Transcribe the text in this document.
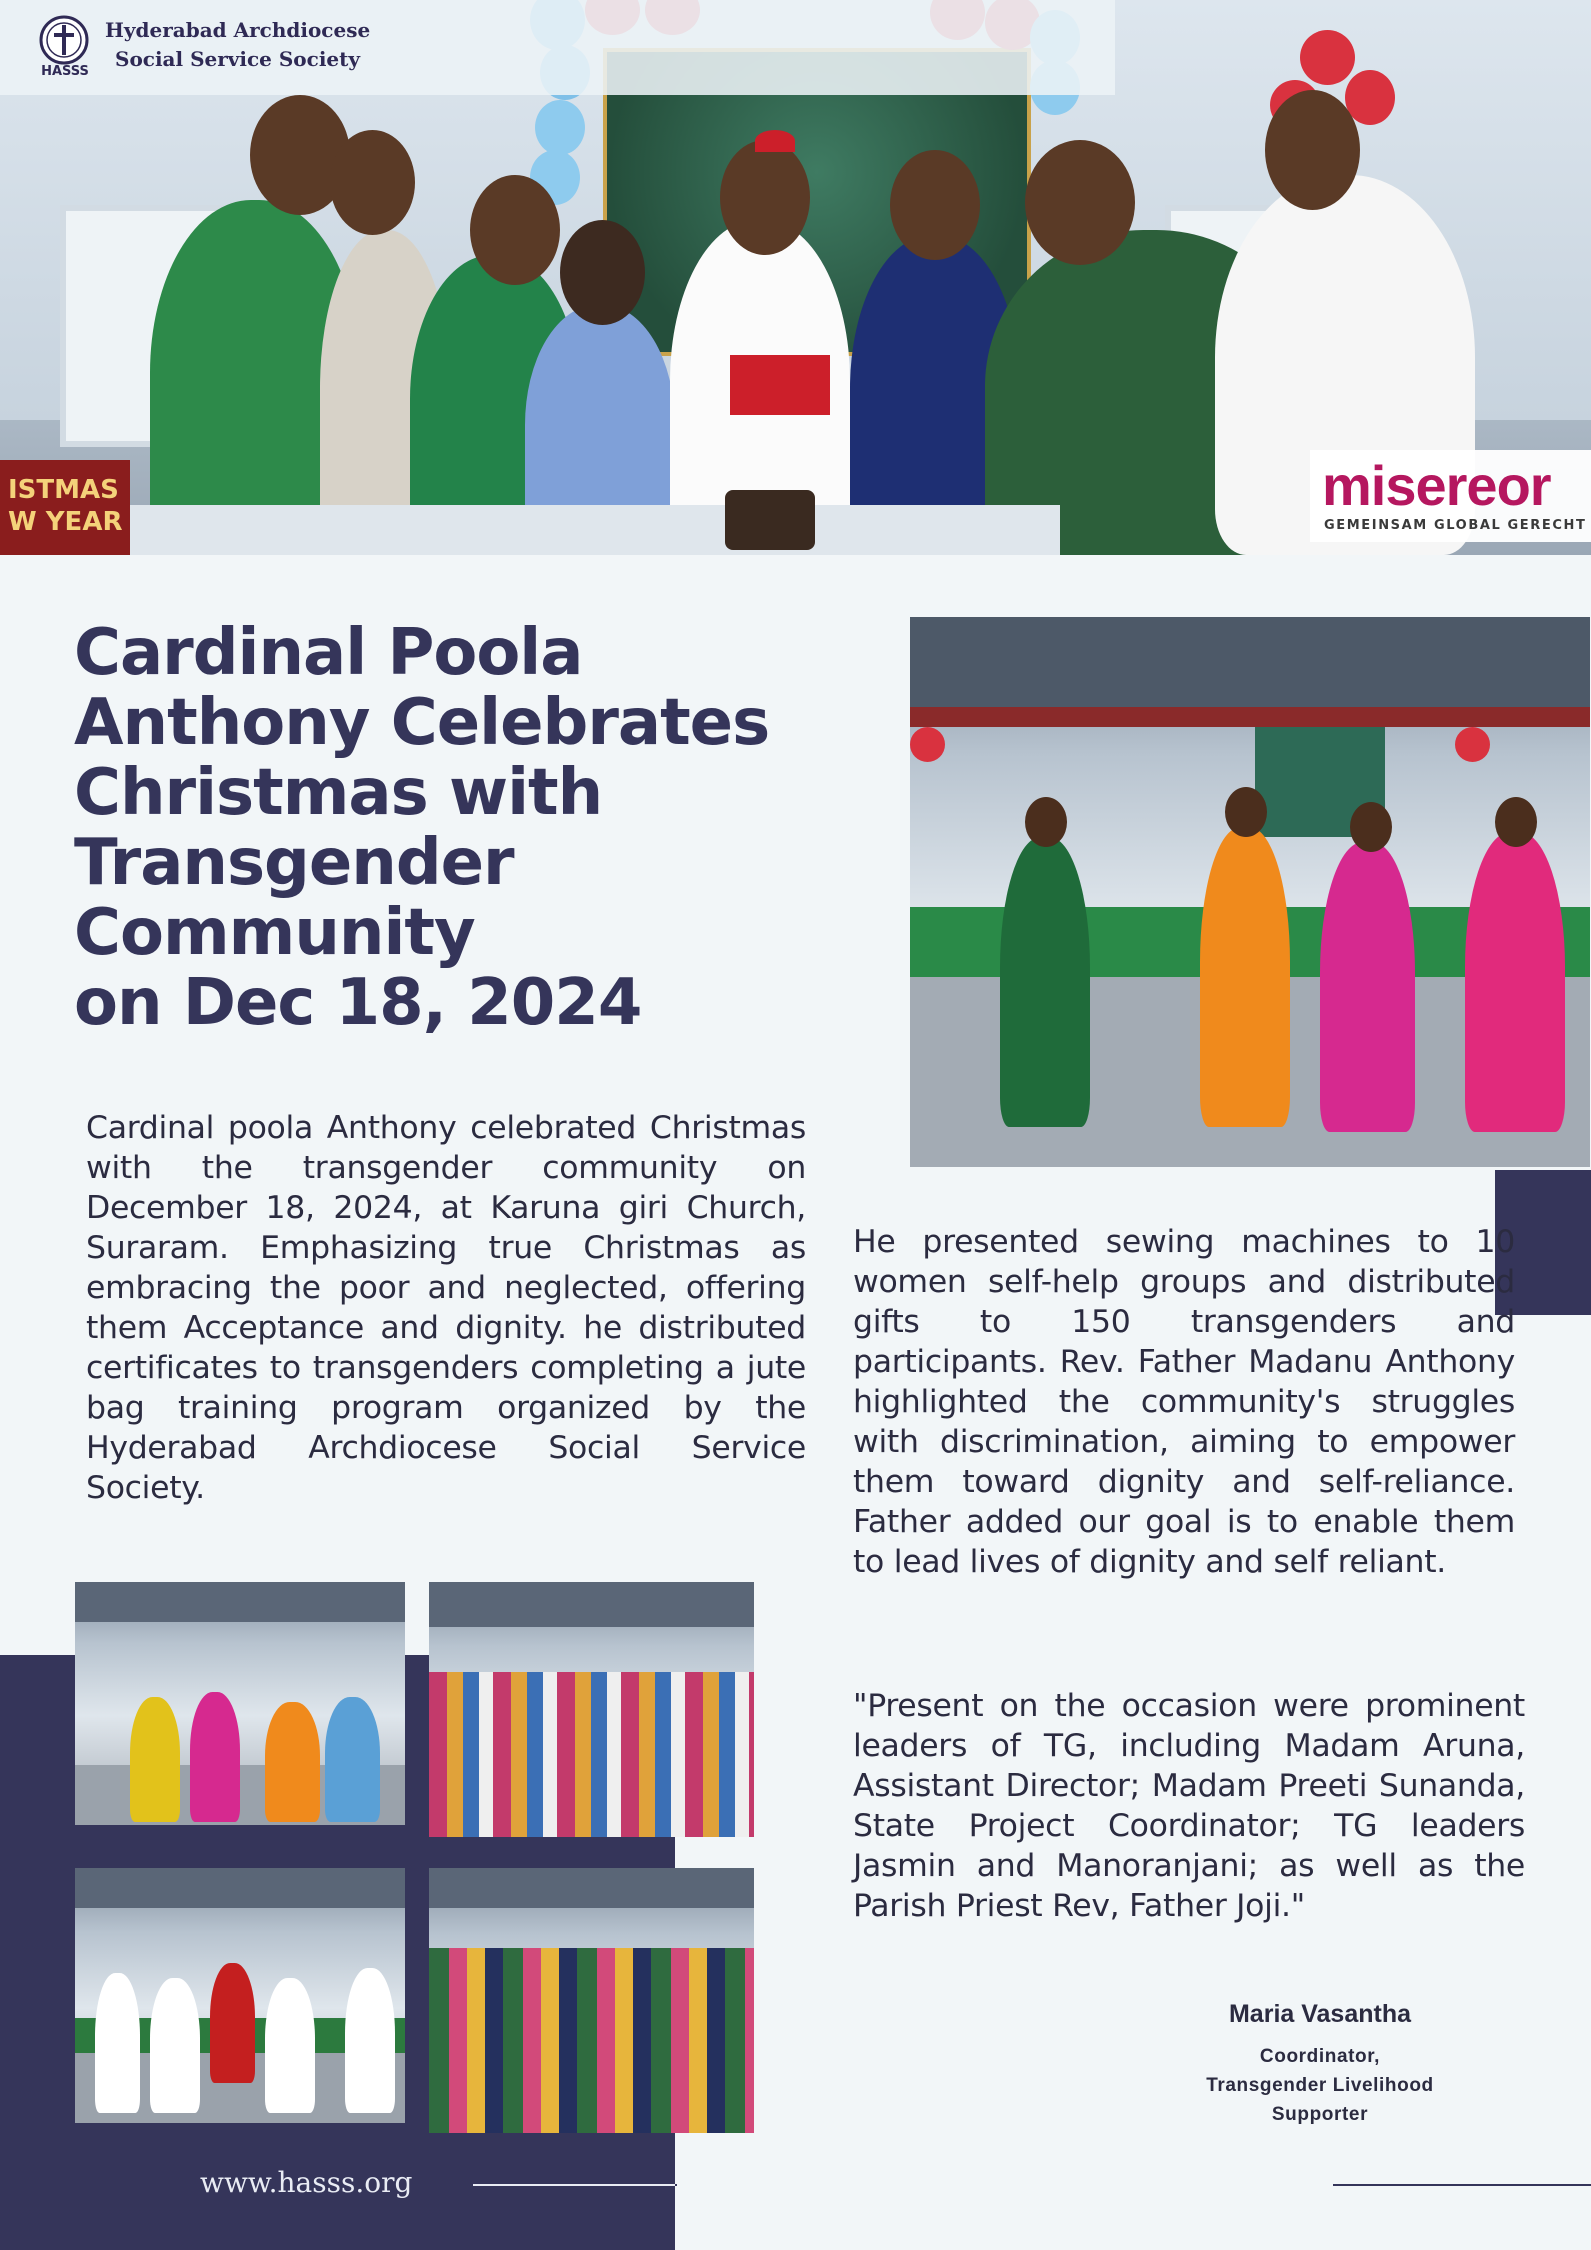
ISTMAS
W YEAR
HASSS
Hyderabad Archdiocese
Social Service Society
misereor
GEMEINSAM GLOBAL GERECHT
Cardinal Poola
Anthony Celebrates
Christmas with
Transgender
Community
on Dec 18, 2024
Cardinal poola Anthony celebrated Christmas with the transgender community on December 18, 2024, at Karuna giri Church, Suraram. Emphasizing true Christmas as embracing the poor and neglected, offering them Acceptance and dignity. he distributed certificates to transgenders completing a jute bag training program organized by the Hyderabad Archdiocese Social Service Society.
He presented sewing machines to 10 women self-help groups and distributed gifts to 150 transgenders and participants. Rev. Father Madanu Anthony highlighted the community's struggles with discrimination, aiming to empower them toward dignity and self-reliance. Father added our goal is to enable them to lead lives of dignity and self reliant.
"Present on the occasion were prominent leaders of TG, including Madam Aruna, Assistant Director; Madam Preeti Sunanda, State Project Coordinator; TG leaders Jasmin and Manoranjani; as well as the Parish Priest Rev, Father Joji."
Maria Vasantha
Coordinator,
Transgender Livelihood
Supporter
www.hasss.org
